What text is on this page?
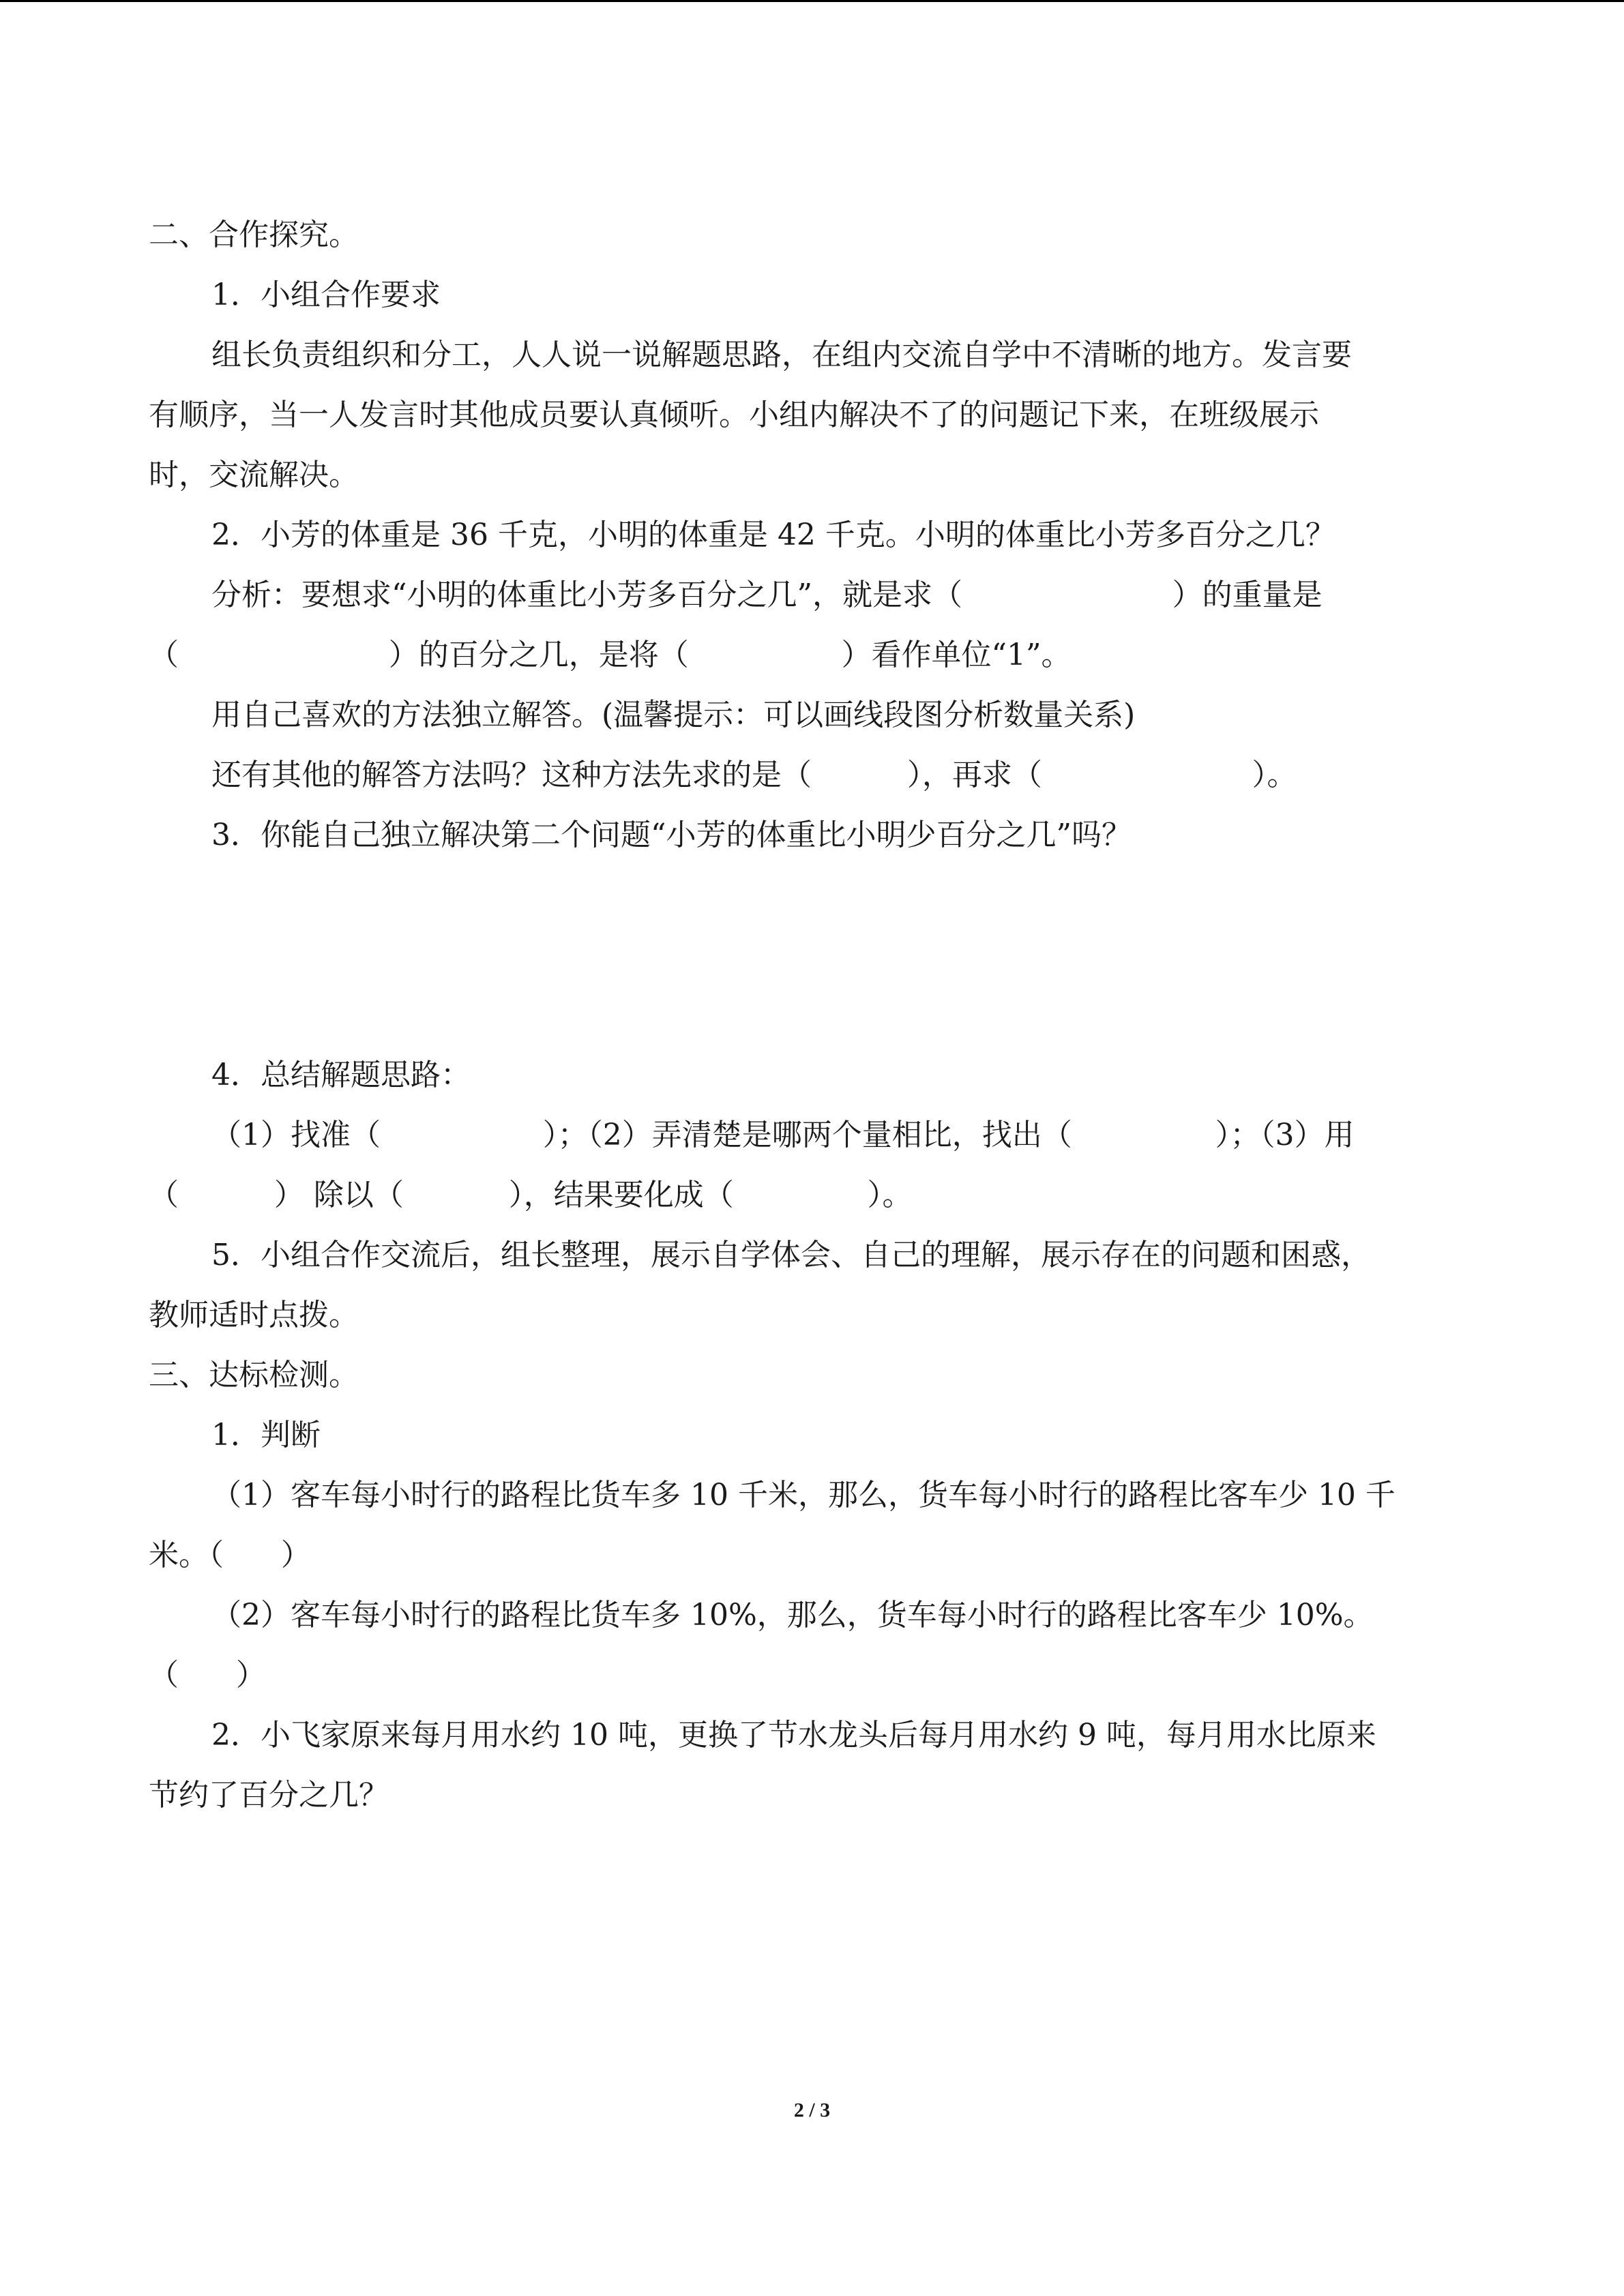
二、合作探究。
1．小组合作要求
组长负责组织和分工，人人说一说解题思路，在组内交流自学中不清晰的地方。发言要
有顺序，当一人发言时其他成员要认真倾听。小组内解决不了的问题记下来，在班级展示
时，交流解决。
2．小芳的体重是 36 千克，小明的体重是 42 千克。小明的体重比小芳多百分之几？
分析：要想求“小明的体重比小芳多百分之几”，就是求（                      ）的重量是
（                      ）的百分之几，是将（                ）看作单位“1”。
用自己喜欢的方法独立解答。(温馨提示：可以画线段图分析数量关系)
还有其他的解答方法吗？这种方法先求的是（          ），再求（                      ）。
3．你能自己独立解决第二个问题“小芳的体重比小明少百分之几”吗？
4．总结解题思路：
（1）找准（                 ）；（2）弄清楚是哪两个量相比，找出（               ）；（3）用
（          ） 除以（           ），结果要化成（              ）。
5．小组合作交流后，组长整理，展示自学体会、自己的理解，展示存在的问题和困惑，
教师适时点拨。
三、达标检测。
1．判断
（1）客车每小时行的路程比货车多 10 千米，那么，货车每小时行的路程比客车少 10 千
米。（      ）
（2）客车每小时行的路程比货车多 10%，那么，货车每小时行的路程比客车少 10%。
（      ）
2．小飞家原来每月用水约 10 吨，更换了节水龙头后每月用水约 9 吨，每月用水比原来
节约了百分之几？
2 / 3
